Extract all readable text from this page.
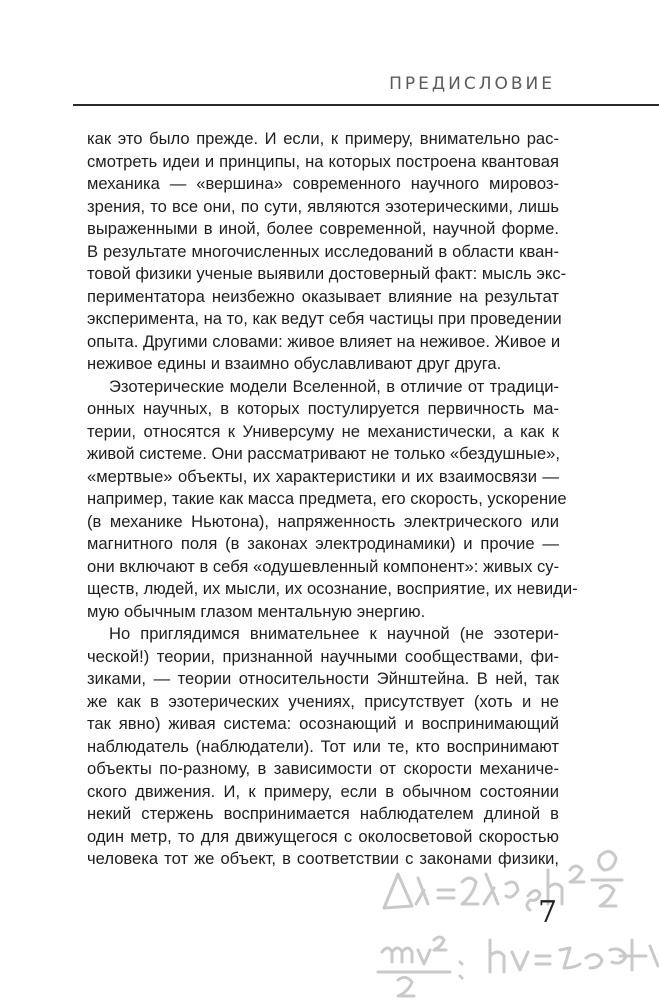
ПРЕДИСЛОВИЕ
как это было прежде. И если, к примеру, внимательно рас-
смотреть идеи и принципы, на которых построена квантовая
механика — «вершина» современного научного мировоз-
зрения, то все они, по сути, являются эзотерическими, лишь
выраженными в иной, более современной, научной форме.
В результате многочисленных исследований в области кван-
товой физики ученые выявили достоверный факт: мысль экс-
периментатора неизбежно оказывает влияние на результат
эксперимента, на то, как ведут себя частицы при проведении
опыта. Другими словами: живое влияет на неживое. Живое и
неживое едины и взаимно обуславливают друг друга.
Эзотерические модели Вселенной, в отличие от традици-
онных научных, в которых постулируется первичность ма-
терии, относятся к Универсуму не механистически, а как к
живой системе. Они рассматривают не только «бездушные»,
«мертвые» объекты, их характеристики и их взаимосвязи —
например, такие как масса предмета, его скорость, ускорение
(в механике Ньютона), напряженность электрического или
магнитного поля (в законах электродинамики) и прочие —
они включают в себя «одушевленный компонент»: живых су-
ществ, людей, их мысли, их осознание, восприятие, их невиди-
мую обычным глазом ментальную энергию.
Но приглядимся внимательнее к научной (не эзотери-
ческой!) теории, признанной научными сообществами, фи-
зиками, — теории относительности Эйнштейна. В ней, так
же как в эзотерических учениях, присутствует (хоть и не
так явно) живая система: осознающий и воспринимающий
наблюдатель (наблюдатели). Тот или те, кто воспринимают
объекты по-разному, в зависимости от скорости механиче-
ского движения. И, к примеру, если в обычном состоянии
некий стержень воспринимается наблюдателем длиной в
один метр, то для движущегося с околосветовой скоростью
человека тот же объект, в соответствии с законами физики,
7
